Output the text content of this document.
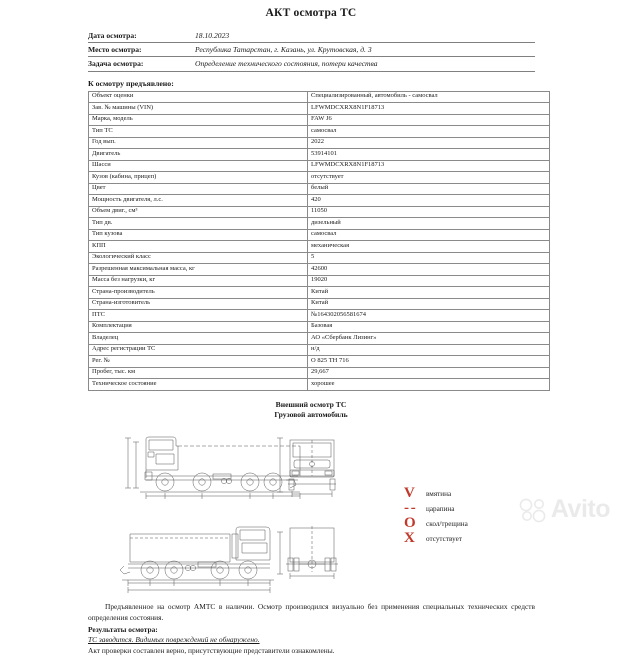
АКТ осмотра ТС
Дата осмотра:	18.10.2023
Место осмотра:	Республика Татарстан, г. Казань, ул. Крутовская, д. 3
Задача осмотра:	Определение технического состояния, потери качества
К осмотру предъявлено:
Объект оценки	Специализированный, автомобиль - самосвал
Зав. № машины (VIN)	LFWMDCXRX8N1F18713
Марка, модель	FAW J6
Тип ТС	самосвал
Год вып.	2022
Двигатель	53914101
Шасси	LFWMDCXRX8N1F18713
Кузов (кабина, прицеп)	отсутствует
Цвет	белый
Мощность двигателя, л.с.	420
Объем двиг., см³	11050
Тип дв.	дизельный
Тип кузова	самосвал
КПП	механическая
Экологический класс	5
Разрешенная максимальная масса, кг	42600
Масса без нагрузки, кг	19020
Страна-производитель	Китай
Страна-изготовитель	Китай
ПТС	№164302056581674
Комплектация	Базовая
Владелец	АО «Сбербанк Лизинг»
Адрес регистрации ТС	н/д
Рег. №	О 825 ТН 716
Пробег, тыс. км	29,667
Техническое состояние	хорошее
Внешний осмотр ТС
Грузовой автомобиль
V	вмятина
- -	царапина
O	скол/трещина
X	отсутствует

Предъявленное на осмотр АМТС в наличии. Осмотр производился визуально без применения специальных технических средств определения состояния.

Результаты осмотра:

ТС заводится. Видимых повреждений не обнаружено.

Акт проверки составлен верно, присутствующие представители ознакомлены.

Avito
